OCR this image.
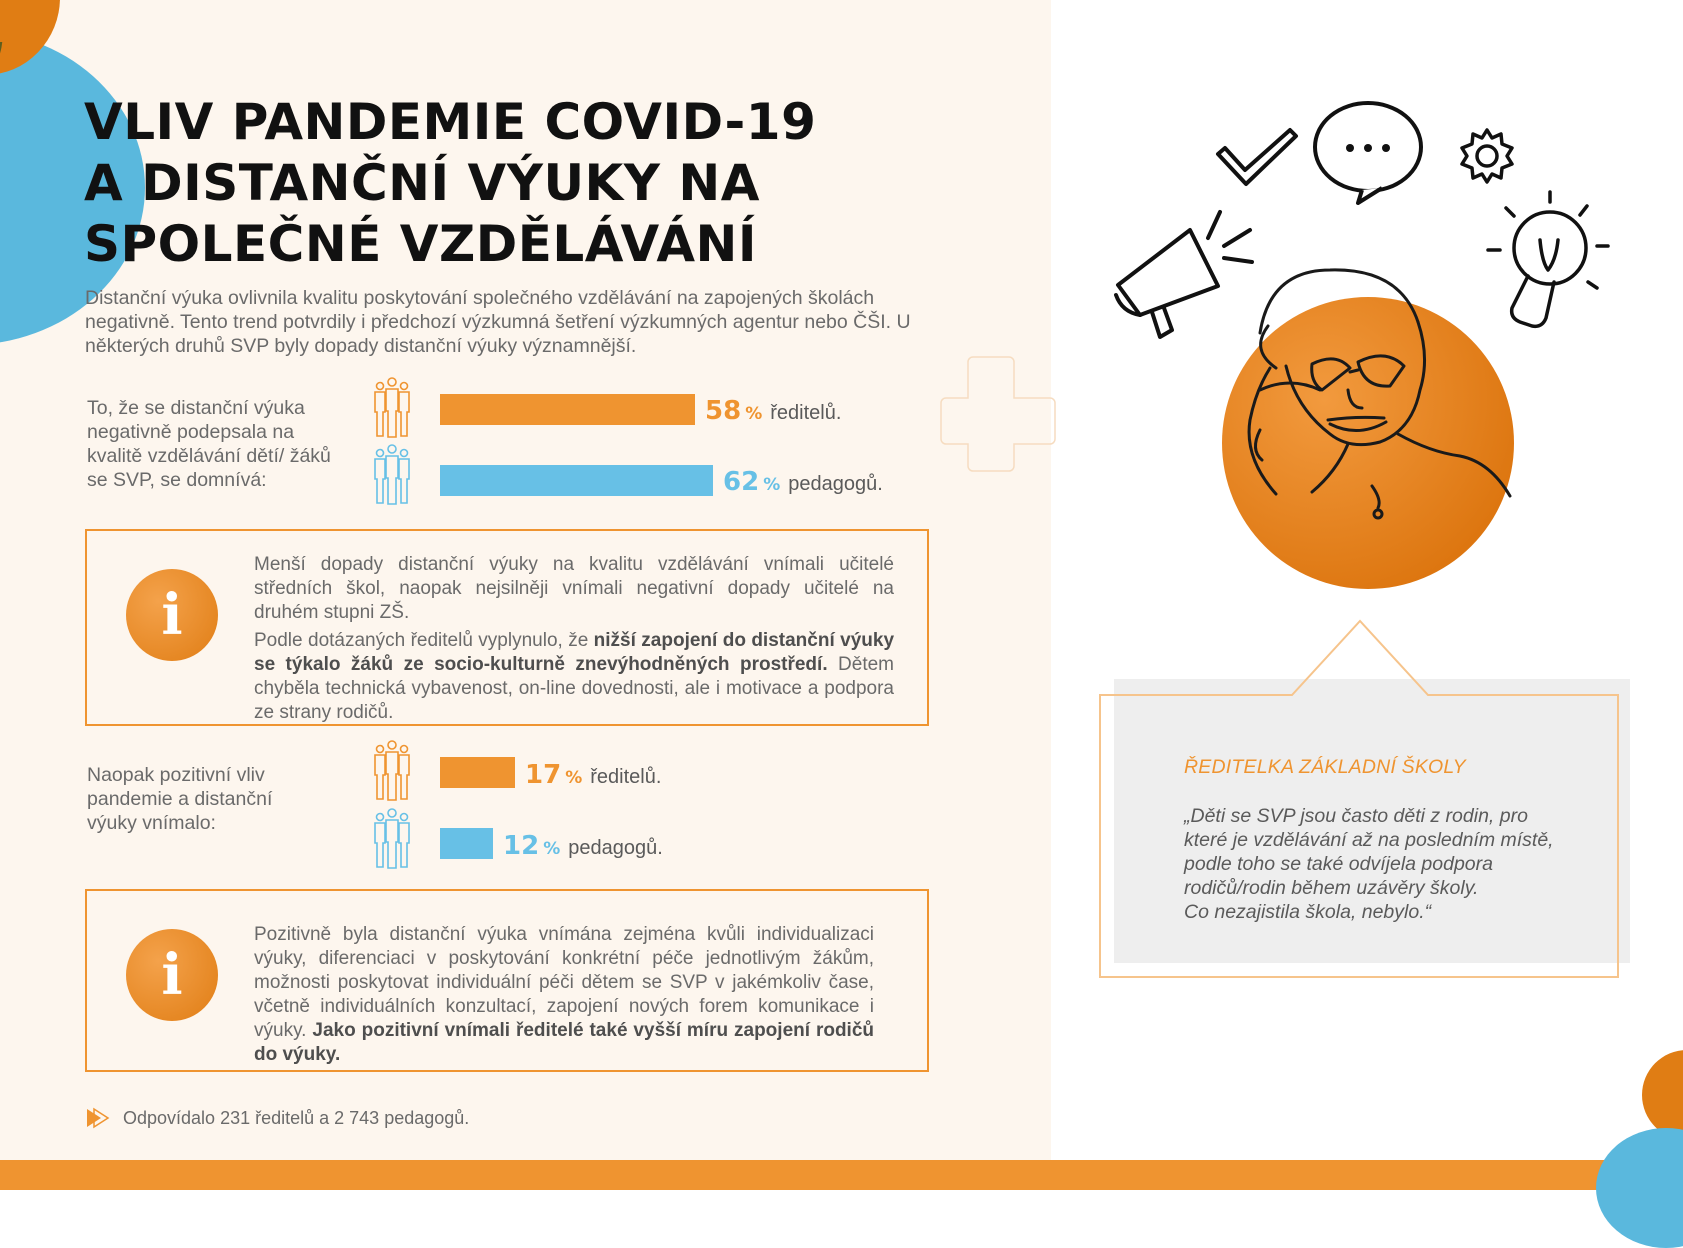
VLIV PANDEMIE COVID-19
A DISTANČNÍ VÝUKY NA
SPOLEČNÉ VZDĚLÁVÁNÍ
Distanční výuka ovlivnila kvalitu poskytování společného vzdělávání na zapojených školách negativně. Tento trend potvrdily i předchozí výzkumná šetření výzkumných agentur nebo ČŠI. U některých druhů SVP byly dopady distanční výuky významnější.
To, že se distanční výuka negativně podepsala na kvalitě vzdělávání dětí/ žáků se SVP, se domnívá:
58 % ředitelů.
62 % pedagogů.
i

Menší dopady distanční výuky na kvalitu vzdělávání vnímali učitelé středních škol, naopak nejsilněji vnímali negativní dopady učitelé na druhém stupni ZŠ.

Podle dotázaných ředitelů vyplynulo, že nižší zapojení do distanční výuky se týkalo žáků ze socio-kulturně znevýhodněných prostředí. Dětem chyběla technická vybavenost, on-line dovednosti, ale i motivace a podpora ze strany rodičů.

Naopak pozitivní vliv pandemie a distanční výuky vnímalo:
17 % ředitelů.
12 % pedagogů.
i

Pozitivně byla distanční výuka vnímána zejména kvůli individualizaci výuky, diferenciaci v poskytování konkrétní péče jednotlivým žákům, možnosti poskytovat individuální péči dětem se SVP v jakémkoliv čase, včetně individuálních konzultací, zapojení nových forem komunikace i výuky. Jako pozitivní vnímali ředitelé také vyšší míru zapojení rodičů do výuky.

Odpovídalo 231 ředitelů a 2 743 pedagogů.
ŘEDITELKA ZÁKLADNÍ ŠKOLY
„Děti se SVP jsou často děti z rodin, pro
které je vzdělávání až na posledním místě,
podle toho se také odvíjela podpora
rodičů/rodin během uzávěry školy.
Co nezajistila škola, nebylo.“
